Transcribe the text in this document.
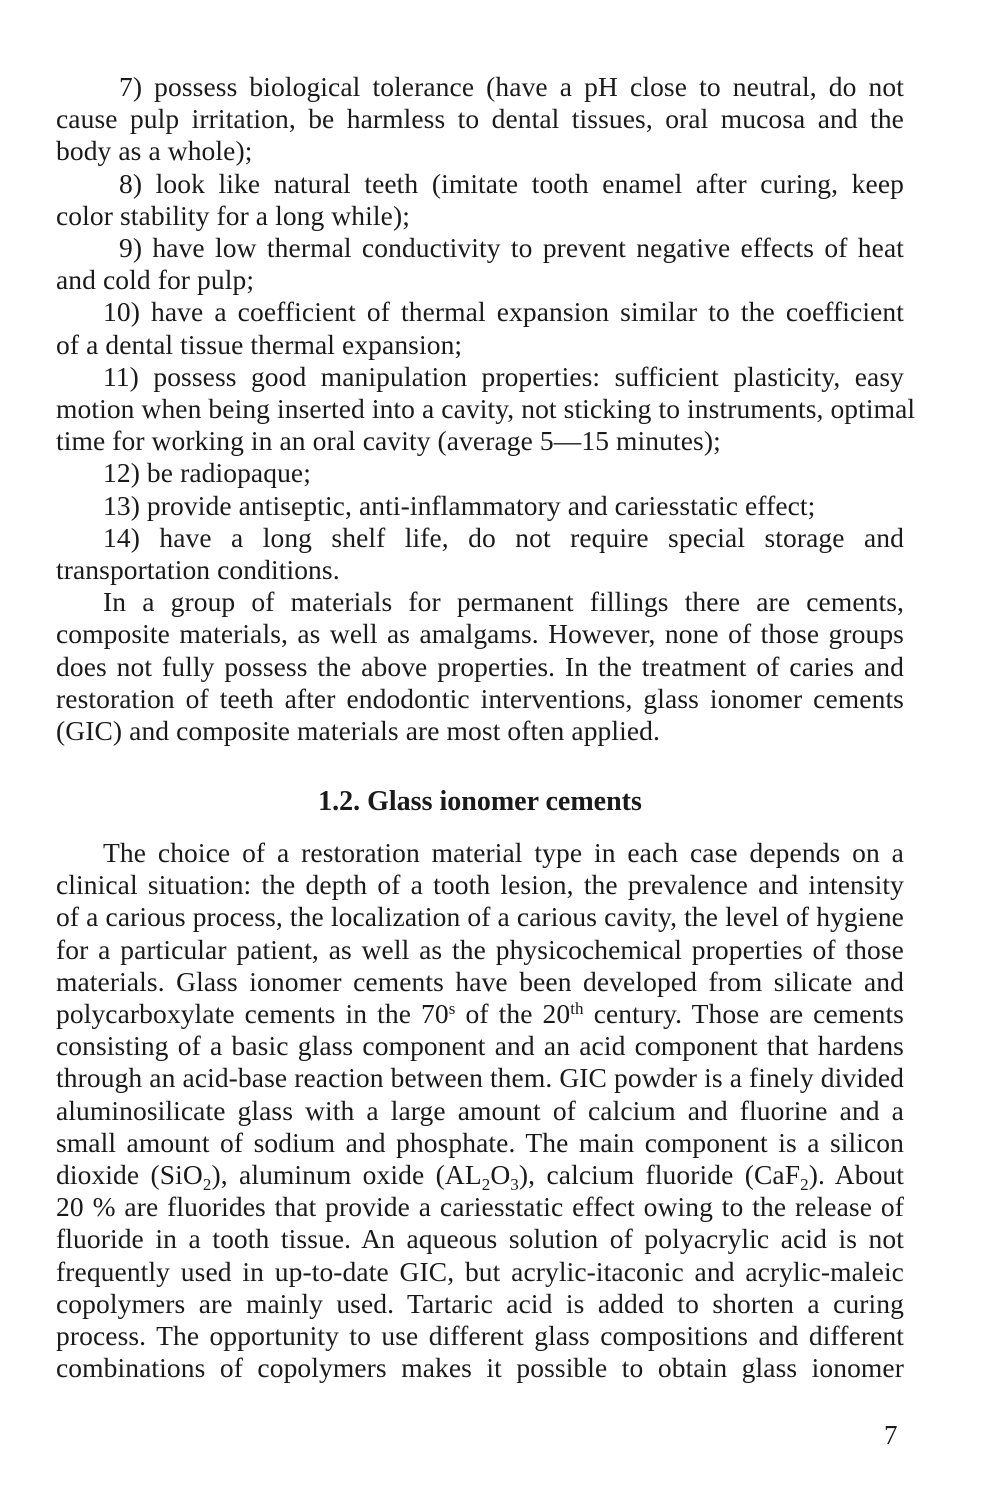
1.2. Glass ionomer cements
7
7) possess biological tolerance (have a pH close to neutral, do not
cause pulp irritation, be harmless to dental tissues, oral mucosa and the
body as a whole);
8) look like natural teeth (imitate tooth enamel after curing, keep
color stability for a long while);
9) have low thermal conductivity to prevent negative effects of heat
and cold for pulp;
10) have a coefficient of thermal expansion similar to the coefficient
of a dental tissue thermal expansion;
11) possess good manipulation properties: sufficient plasticity, easy
motion when being inserted into a cavity, not sticking to instruments, optimal
time for working in an oral cavity (average 5—15 minutes);
12) be radiopaque;
13) provide antiseptic, anti-inflammatory and cariesstatic effect;
14) have a long shelf life, do not require special storage and
transportation conditions.
In a group of materials for permanent fillings there are cements,
composite materials, as well as amalgams. However, none of those groups
does not fully possess the above properties. In the treatment of caries and
restoration of teeth after endodontic interventions, glass ionomer cements
(GIC) and composite materials are most often applied.
The choice of a restoration material type in each case depends on a
clinical situation: the depth of a tooth lesion, the prevalence and intensity
of a carious process, the localization of a carious cavity, the level of hygiene
for a particular patient, as well as the physicochemical properties of those
materials. Glass ionomer cements have been developed from silicate and
polycarboxylate cements in the 70$^s$ of the 20th century. Those are cements
consisting of a basic glass component and an acid component that hardens
through an acid-base reaction between them. GIC powder is a finely divided
aluminosilicate glass with a large amount of calcium and fluorine and a
small amount of sodium and phosphate. The main component is a silicon
dioxide (SiO$_2$), aluminum oxide $(AL_2O_3)$, calcium fluoride (CaF$_2$). About
20 % are fluorides that provide a cariesstatic effect owing to the release of
fluoride in a tooth tissue. An aqueous solution of polyacrylic acid is not
frequently used in up-to-date GIC, but acrylic-itaconic and acrylic-maleic
copolymers are mainly used. Tartaric acid is added to shorten a curing
process. The opportunity to use different glass compositions and different
combinations of copolymers makes it possible to obtain glass ionomer
